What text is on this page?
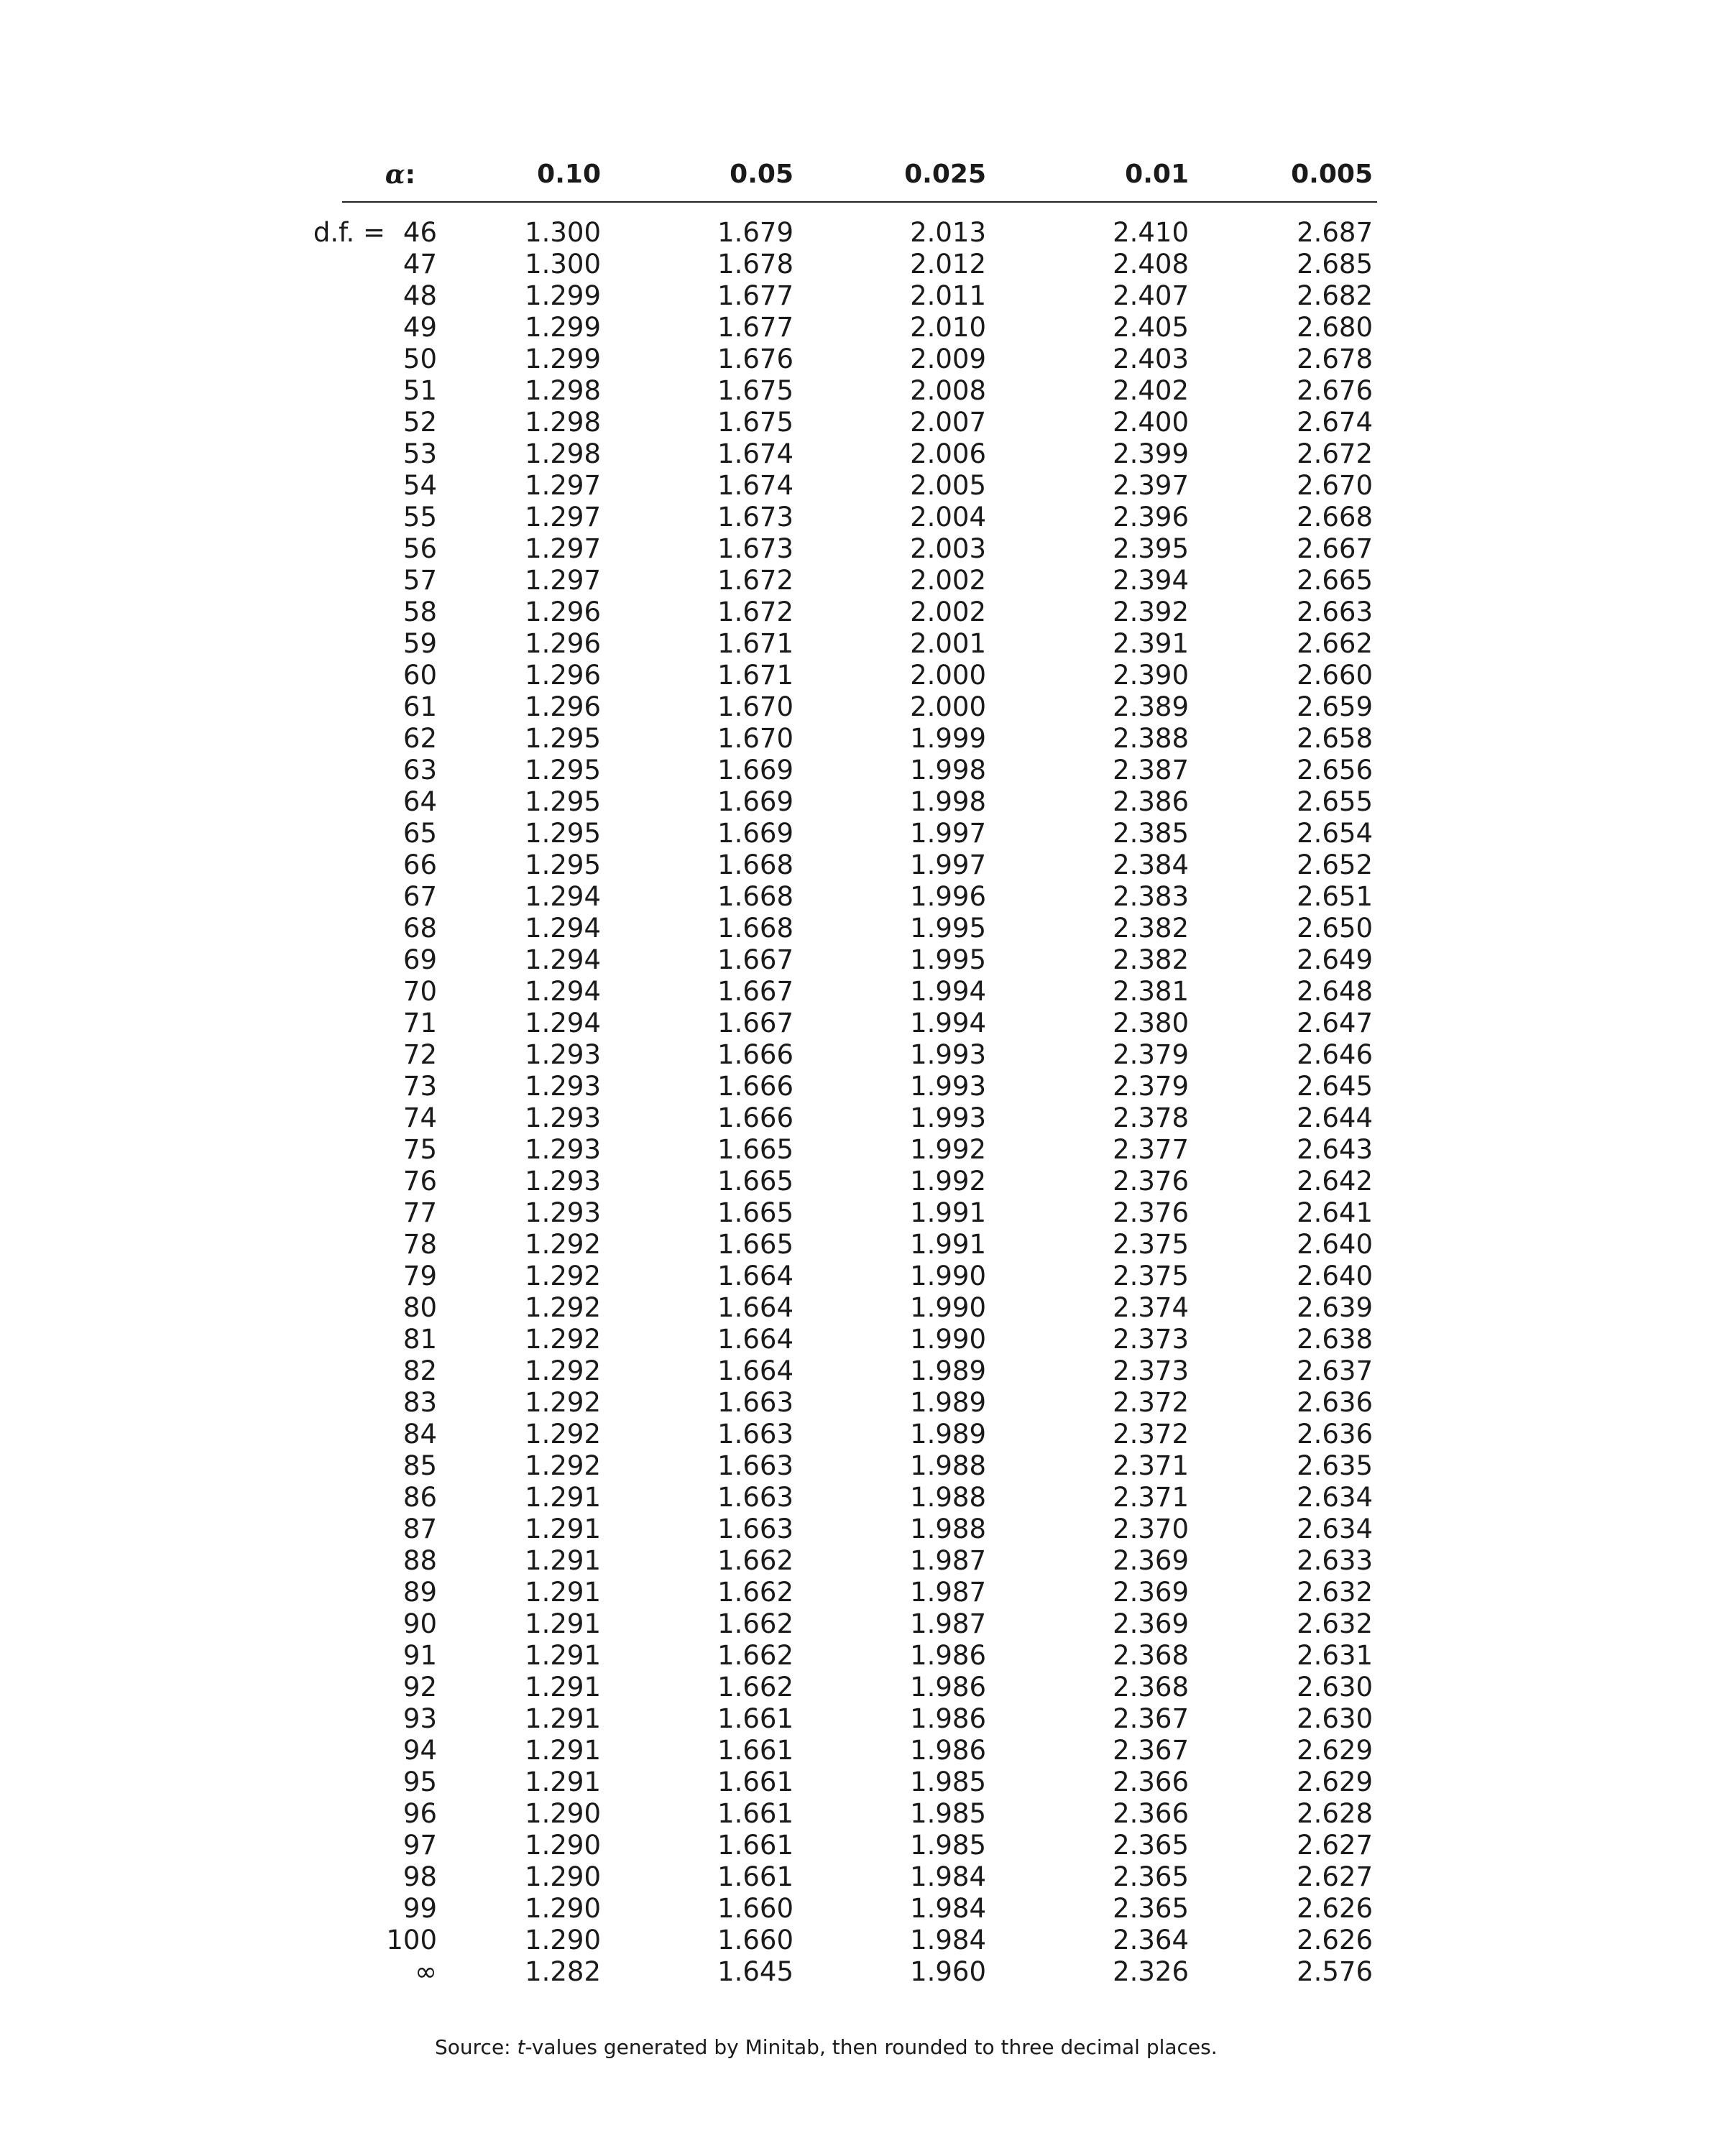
α:	0.10	0.05	0.025	0.01	0.005
d.f. = 46	1.300	1.679	2.013	2.410	2.687
47	1.300	1.678	2.012	2.408	2.685
48	1.299	1.677	2.011	2.407	2.682
49	1.299	1.677	2.010	2.405	2.680
50	1.299	1.676	2.009	2.403	2.678
51	1.298	1.675	2.008	2.402	2.676
52	1.298	1.675	2.007	2.400	2.674
53	1.298	1.674	2.006	2.399	2.672
54	1.297	1.674	2.005	2.397	2.670
55	1.297	1.673	2.004	2.396	2.668
56	1.297	1.673	2.003	2.395	2.667
57	1.297	1.672	2.002	2.394	2.665
58	1.296	1.672	2.002	2.392	2.663
59	1.296	1.671	2.001	2.391	2.662
60	1.296	1.671	2.000	2.390	2.660
61	1.296	1.670	2.000	2.389	2.659
62	1.295	1.670	1.999	2.388	2.658
63	1.295	1.669	1.998	2.387	2.656
64	1.295	1.669	1.998	2.386	2.655
65	1.295	1.669	1.997	2.385	2.654
66	1.295	1.668	1.997	2.384	2.652
67	1.294	1.668	1.996	2.383	2.651
68	1.294	1.668	1.995	2.382	2.650
69	1.294	1.667	1.995	2.382	2.649
70	1.294	1.667	1.994	2.381	2.648
71	1.294	1.667	1.994	2.380	2.647
72	1.293	1.666	1.993	2.379	2.646
73	1.293	1.666	1.993	2.379	2.645
74	1.293	1.666	1.993	2.378	2.644
75	1.293	1.665	1.992	2.377	2.643
76	1.293	1.665	1.992	2.376	2.642
77	1.293	1.665	1.991	2.376	2.641
78	1.292	1.665	1.991	2.375	2.640
79	1.292	1.664	1.990	2.375	2.640
80	1.292	1.664	1.990	2.374	2.639
81	1.292	1.664	1.990	2.373	2.638
82	1.292	1.664	1.989	2.373	2.637
83	1.292	1.663	1.989	2.372	2.636
84	1.292	1.663	1.989	2.372	2.636
85	1.292	1.663	1.988	2.371	2.635
86	1.291	1.663	1.988	2.371	2.634
87	1.291	1.663	1.988	2.370	2.634
88	1.291	1.662	1.987	2.369	2.633
89	1.291	1.662	1.987	2.369	2.632
90	1.291	1.662	1.987	2.369	2.632
91	1.291	1.662	1.986	2.368	2.631
92	1.291	1.662	1.986	2.368	2.630
93	1.291	1.661	1.986	2.367	2.630
94	1.291	1.661	1.986	2.367	2.629
95	1.291	1.661	1.985	2.366	2.629
96	1.290	1.661	1.985	2.366	2.628
97	1.290	1.661	1.985	2.365	2.627
98	1.290	1.661	1.984	2.365	2.627
99	1.290	1.660	1.984	2.365	2.626
100	1.290	1.660	1.984	2.364	2.626
∞	1.282	1.645	1.960	2.326	2.576
Source: t-values generated by Minitab, then rounded to three decimal places.
